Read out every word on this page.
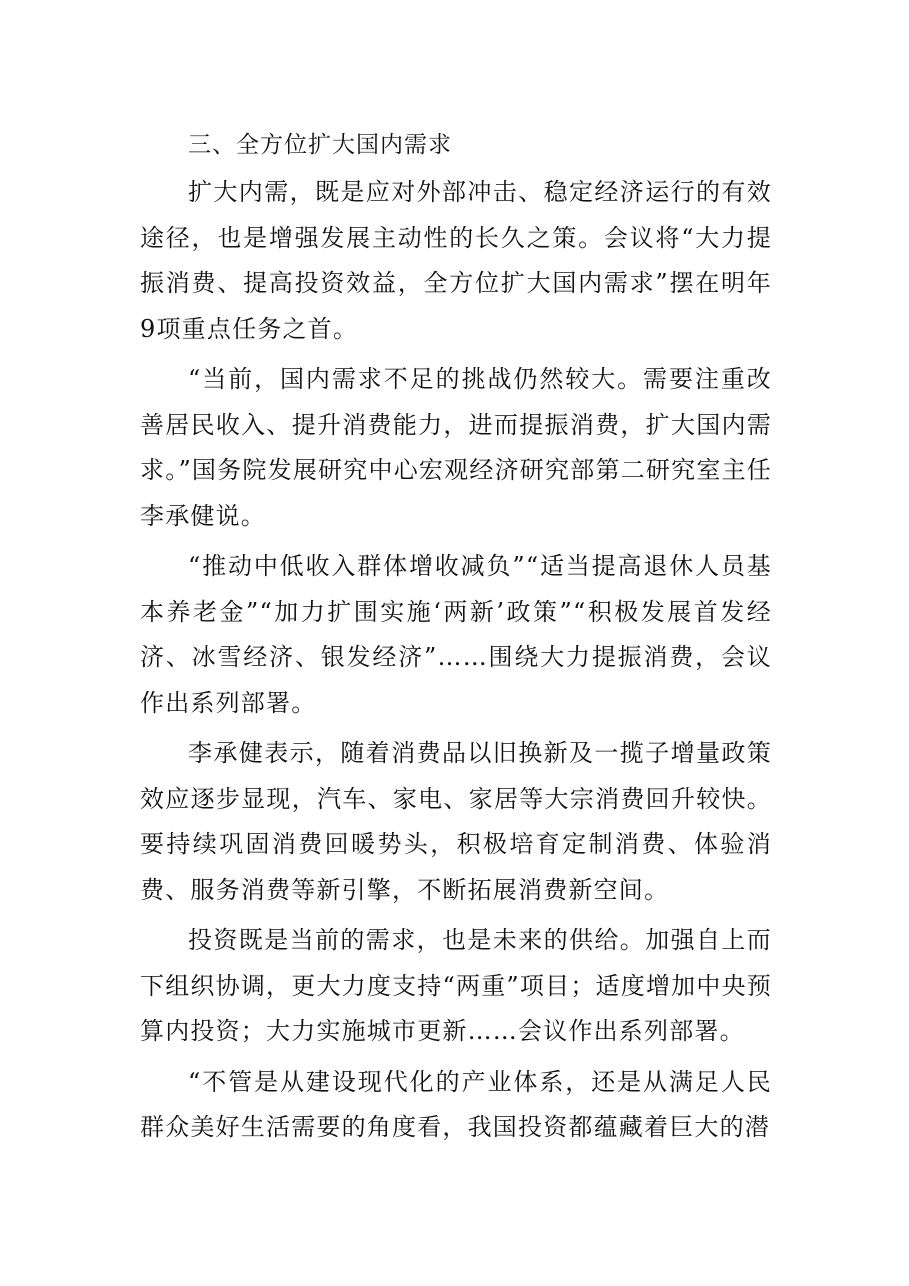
三、全方位扩大国内需求

扩大内需，既是应对外部冲击、稳定经济运行的有效途径，也是增强发展主动性的长久之策。会议将“大力提振消费、提高投资效益，全方位扩大国内需求”摆在明年9项重点任务之首。

“当前，国内需求不足的挑战仍然较大。需要注重改善居民收入、提升消费能力，进而提振消费，扩大国内需求。”国务院发展研究中心宏观经济研究部第二研究室主任李承健说。

“推动中低收入群体增收减负”“适当提高退休人员基本养老金”“加力扩围实施‘两新’政策”“积极发展首发经济、冰雪经济、银发经济”……围绕大力提振消费，会议作出系列部署。

李承健表示，随着消费品以旧换新及一揽子增量政策效应逐步显现，汽车、家电、家居等大宗消费回升较快。要持续巩固消费回暖势头，积极培育定制消费、体验消费、服务消费等新引擎，不断拓展消费新空间。

投资既是当前的需求，也是未来的供给。加强自上而下组织协调，更大力度支持“两重”项目；适度增加中央预算内投资；大力实施城市更新……会议作出系列部署。

“不管是从建设现代化的产业体系，还是从满足人民群众美好生活需要的角度看，我国投资都蕴藏着巨大的潜
